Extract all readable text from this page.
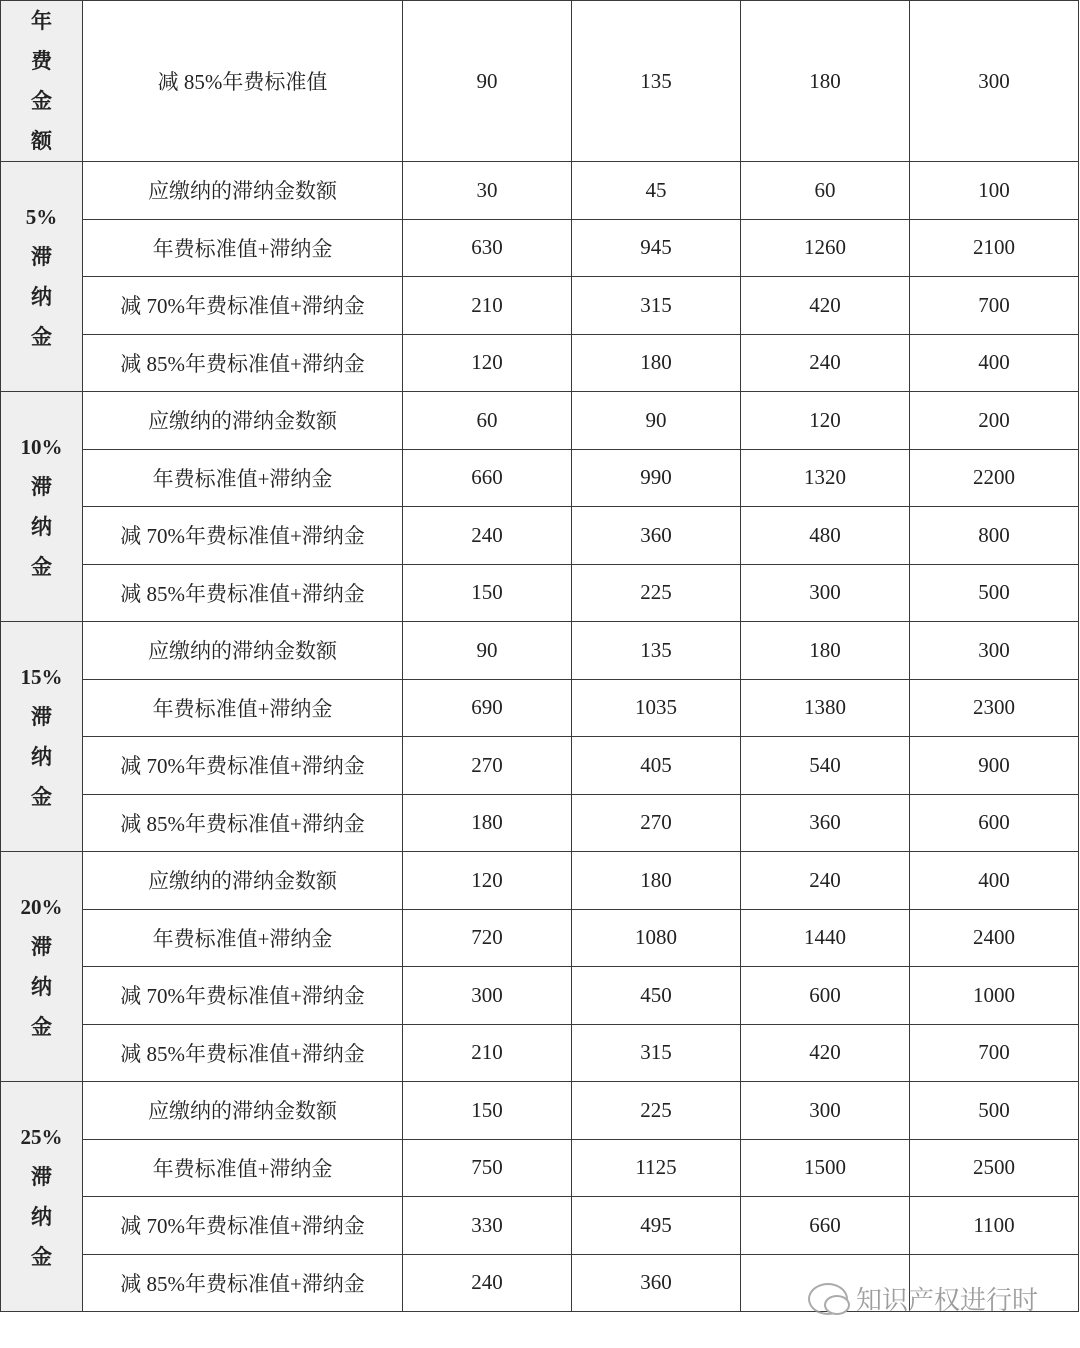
年
费
金
额	减 85%年费标准值	90	135	180	300

5%
滞
纳
金	应缴纳的滞纳金数额	30	45	60	100
	年费标准值+滞纳金	630	945	1260	2100
	减 70%年费标准值+滞纳金	210	315	420	700
	减 85%年费标准值+滞纳金	120	180	240	400

10%
滞
纳
金	应缴纳的滞纳金数额	60	90	120	200
	年费标准值+滞纳金	660	990	1320	2200
	减 70%年费标准值+滞纳金	240	360	480	800
	减 85%年费标准值+滞纳金	150	225	300	500

15%
滞
纳
金	应缴纳的滞纳金数额	90	135	180	300
	年费标准值+滞纳金	690	1035	1380	2300
	减 70%年费标准值+滞纳金	270	405	540	900
	减 85%年费标准值+滞纳金	180	270	360	600

20%
滞
纳
金	应缴纳的滞纳金数额	120	180	240	400
	年费标准值+滞纳金	720	1080	1440	2400
	减 70%年费标准值+滞纳金	300	450	600	1000
	减 85%年费标准值+滞纳金	210	315	420	700

25%
滞
纳
金	应缴纳的滞纳金数额	150	225	300	500
	年费标准值+滞纳金	750	1125	1500	2500
	减 70%年费标准值+滞纳金	330	495	660	1100
	减 85%年费标准值+滞纳金	240	360		
知识产权进行时
